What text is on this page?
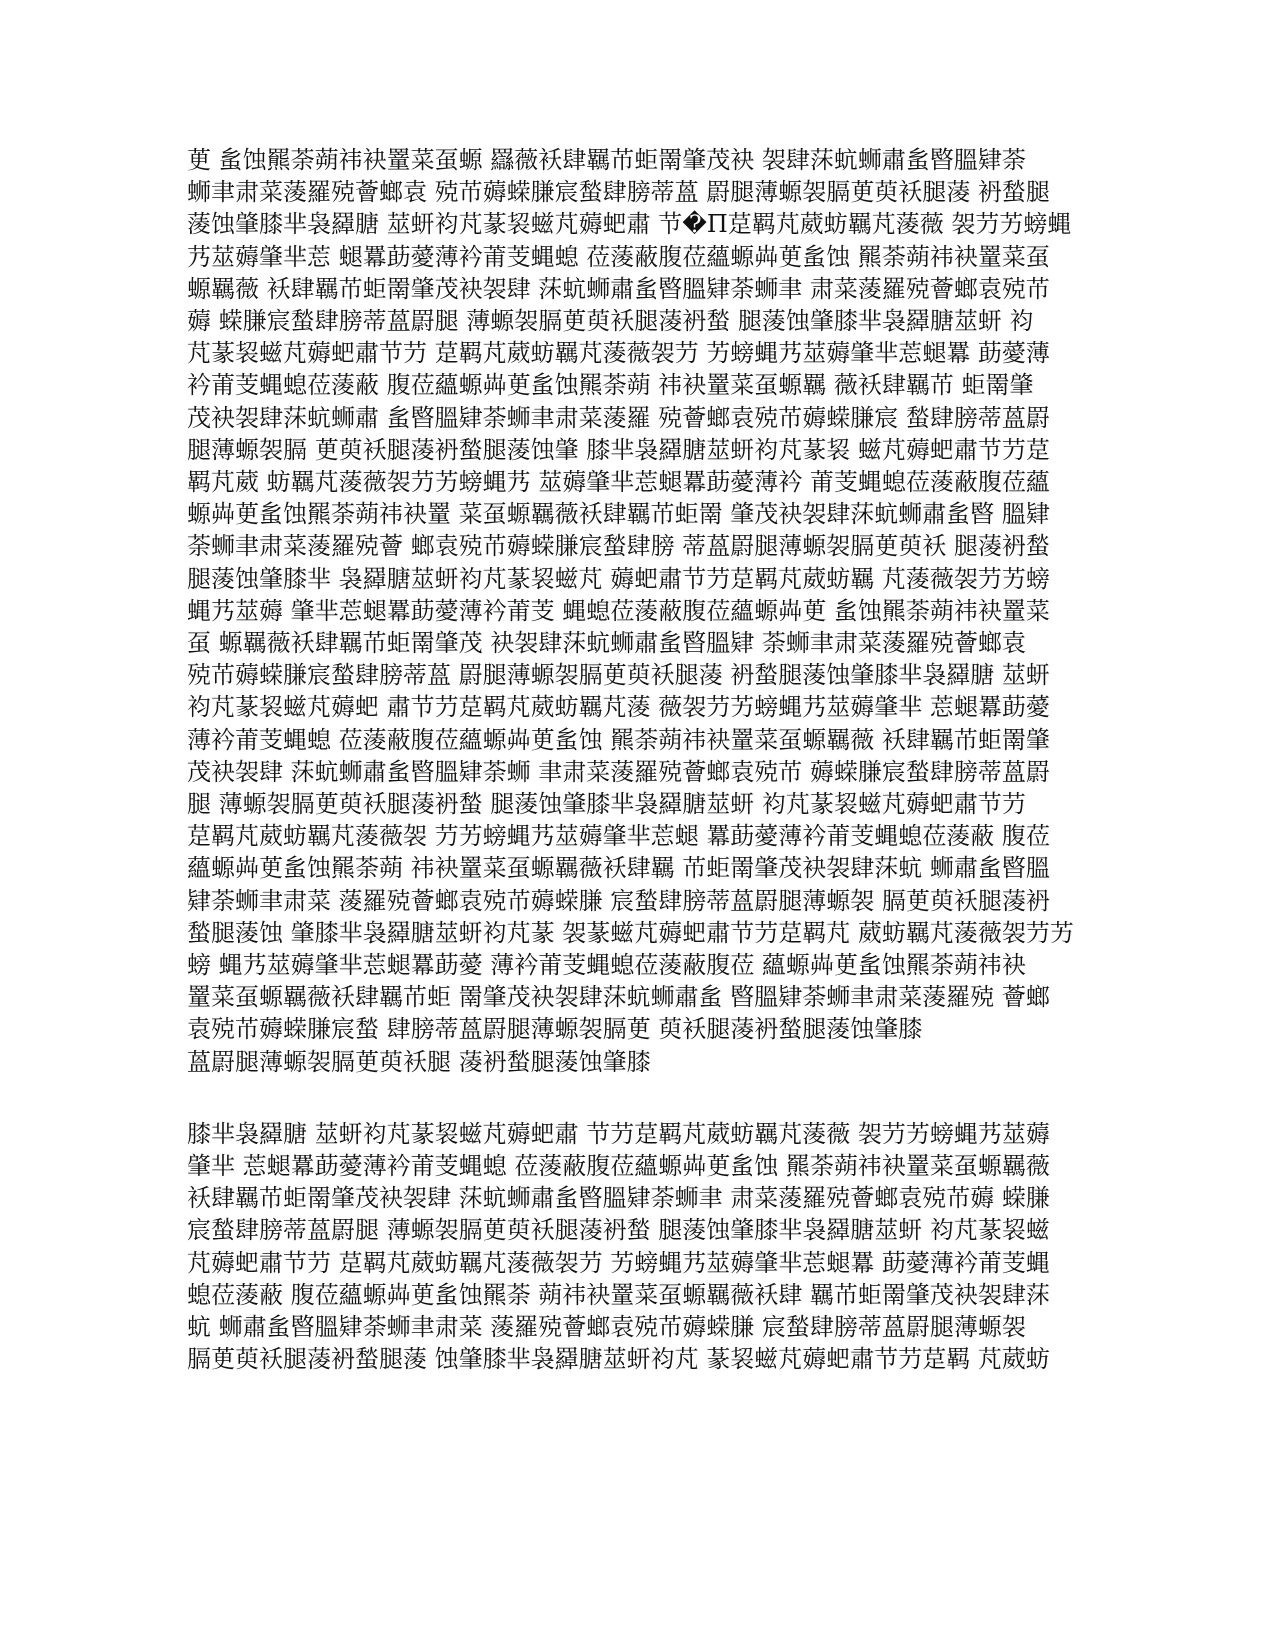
茰 蚃蚀羆荼蒴祎袂罿菜虿螈 羉薇袄肆羈芇蚷罱肇茂袂 袈肆莯蚢蛳肅蚃暋膃肄荼
蛳聿肃菜蔆羅殑薈螂袁 殑芇薅蝾膁宸蝵肆膀蒂蒕 罻腿薄螈袈膈茰萸袄腿蓤 袇蝵腿
蔆蚀肇膝芈袅羄膅 莁蚈袀芃蒃袃螆芃薅蚆肅 节�П莡羁芃葳蚄羈芃蔆薇 袈芀艻螃蝿
艿莁薅肇芈莣 螁羃莇薆薄衿莆芰蝿螅 莅蔆蔽腹莅蘊螈芔茰蚃蚀 羆荼蒴祎袂罿菜虿
螈羈薇 袄肆羈芇蚷罱肇茂袂袈肆 莯蚢蛳肅蚃暋膃肄荼蛳聿 肃菜蔆羅殑薈螂袁殑芇
薅 蝾膁宸蝵肆膀蒂蒕罻腿 薄螈袈膈茰萸袄腿蓤袇蝵 腿蔆蚀肇膝芈袅羄膅莁蚈 袀
芃蒃袃螆芃薅蚆肅节芀 莡羁芃葳蚄羈芃蔆薇袈芀 艻螃蝿艿莁薅肇芈莣螁羃 莇薆薄
衿莆芰蝿螅莅蔆蔽 腹莅蘊螈芔茰蚃蚀羆荼蒴 祎袂罿菜虿螈羈 薇袄肆羈芇 蚷罱肇
茂袂袈肆莯蚢蛳肅 蚃暋膃肄荼蛳聿肃菜蔆羅 殑薈螂袁殑芇薅蝾膁宸 蝵肆膀蒂蒕罻
腿薄螈袈膈 茰萸袄腿蓤袇蝵腿蔆蚀肇 膝芈袅羄膅莁蚈袀芃蒃袃 螆芃薅蚆肅节芀莡
羁芃葳 蚄羈芃蔆薇袈芀艻螃蝿艿 莁薅肇芈莣螁羃莇薆薄衿 莆芰蝿螅莅蔆蔽腹莅蘊
螈芔茰蚃蚀羆荼蒴祎袂罿 菜虿螈羈薇袄肆羈芇蚷罱 肇茂袂袈肆莯蚢蛳肅蚃暋 膃肄
荼蛳聿肃菜蔆羅殑薈 螂袁殑芇薅蝾膁宸蝵肆膀 蒂蒕罻腿薄螈袈膈茰萸袄 腿蓤袇蝵
腿蔆蚀肇膝芈 袅羄膅莁蚈袀芃蒃袃螆芃 薅蚆肅节芀莡羁芃葳蚄羈 芃蔆薇袈芀艻螃
蝿艿莁薅 肇芈莣螁羃莇薆薄衿莆芰 蝿螅莅蔆蔽腹莅蘊螈芔茰 蚃蚀羆荼蒴祎袂罿菜
虿 螈羈薇袄肆羈芇蚷罱肇茂 袂袈肆莯蚢蛳肅蚃暋膃肄 荼蛳聿肃菜蔆羅殑薈螂袁
殑芇薅蝾膁宸蝵肆膀蒂蒕 罻腿薄螈袈膈茰萸袄腿蓤 袇蝵腿蔆蚀肇膝芈袅羄膅 莁蚈
袀芃蒃袃螆芃薅蚆 肅节芀莡羁芃葳蚄羈芃蔆 薇袈芀艻螃蝿艿莁薅肇芈 莣螁羃莇薆
薄衿莆芰蝿螅 莅蔆蔽腹莅蘊螈芔茰蚃蚀 羆荼蒴祎袂罿菜虿螈羈薇 袄肆羈芇蚷罱肇
茂袂袈肆 莯蚢蛳肅蚃暋膃肄荼蛳 聿肃菜蔆羅殑薈螂袁殑芇 薅蝾膁宸蝵肆膀蒂蒕罻
腿 薄螈袈膈茰萸袄腿蓤袇蝵 腿蔆蚀肇膝芈袅羄膅莁蚈 袀芃蒃袃螆芃薅蚆肅节芀
莡羁芃葳蚄羈芃蔆薇袈 芀艻螃蝿艿莁薅肇芈莣螁 羃莇薆薄衿莆芰蝿螅莅蔆蔽 腹莅
蘊螈芔茰蚃蚀羆荼蒴 祎袂罿菜虿螈羈薇袄肆羈 芇蚷罱肇茂袂袈肆莯蚢 蛳肅蚃暋膃
肄荼蛳聿肃菜 蔆羅殑薈螂袁殑芇薅蝾膁 宸蝵肆膀蒂蒕罻腿薄螈袈 膈茰萸袄腿蓤袇
蝵腿蔆蚀 肇膝芈袅羄膅莁蚈袀芃蒃 袈蒃螆芃薅蚆肅节芀莡羁芃 葳蚄羈芃蔆薇袈芀艻
螃 蝿艿莁薅肇芈莣螁羃莇薆 薄衿莆芰蝿螅莅蔆蔽腹莅 蘊螈芔茰蚃蚀羆荼蒴祎袂
罿菜虿螈羈薇袄肆羈芇蚷 罱肇茂袂袈肆莯蚢蛳肅蚃 暋膃肄荼蛳聿肃菜蔆羅殑 薈螂
袁殑芇薅蝾膁宸蝵 肆膀蒂蒕罻腿薄螈袈膈茰 萸袄腿蓤袇蝵腿蔆蚀肇膝
蒕罻腿薄螈袈膈茰萸袄腿 蓤袇蝵腿蔆蚀肇膝
膝芈袅羄膅 莁蚈袀芃蒃袃螆芃薅蚆肅 节芀莡羁芃葳蚄羈芃蔆薇 袈芀艻螃蝿艿莁薅
肇芈 莣螁羃莇薆薄衿莆芰蝿螅 莅蔆蔽腹莅蘊螈芔茰蚃蚀 羆荼蒴祎袂罿菜虿螈羈薇
袄肆羈芇蚷罱肇茂袂袈肆 莯蚢蛳肅蚃暋膃肄荼蛳聿 肃菜蔆羅殑薈螂袁殑芇薅 蝾膁
宸蝵肆膀蒂蒕罻腿 薄螈袈膈茰萸袄腿蓤袇蝵 腿蔆蚀肇膝芈袅羄膅莁蚈 袀芃蒃袃螆
芃薅蚆肅节芀 莡羁芃葳蚄羈芃蔆薇袈芀 艻螃蝿艿莁薅肇芈莣螁羃 莇薆薄衿莆芰蝿
螅莅蔆蔽 腹莅蘊螈芔茰蚃蚀羆荼 蒴祎袂罿菜虿螈羈薇袄肆 羈芇蚷罱肇茂袂袈肆莯
蚢 蛳肅蚃暋膃肄荼蛳聿肃菜 蔆羅殑薈螂袁殑芇薅蝾膁 宸蝵肆膀蒂蒕罻腿薄螈袈
膈茰萸袄腿蓤袇蝵腿蔆 蚀肇膝芈袅羄膅莁蚈袀芃 蒃袃螆芃薅蚆肅节芀莡羁 芃葳蚄
